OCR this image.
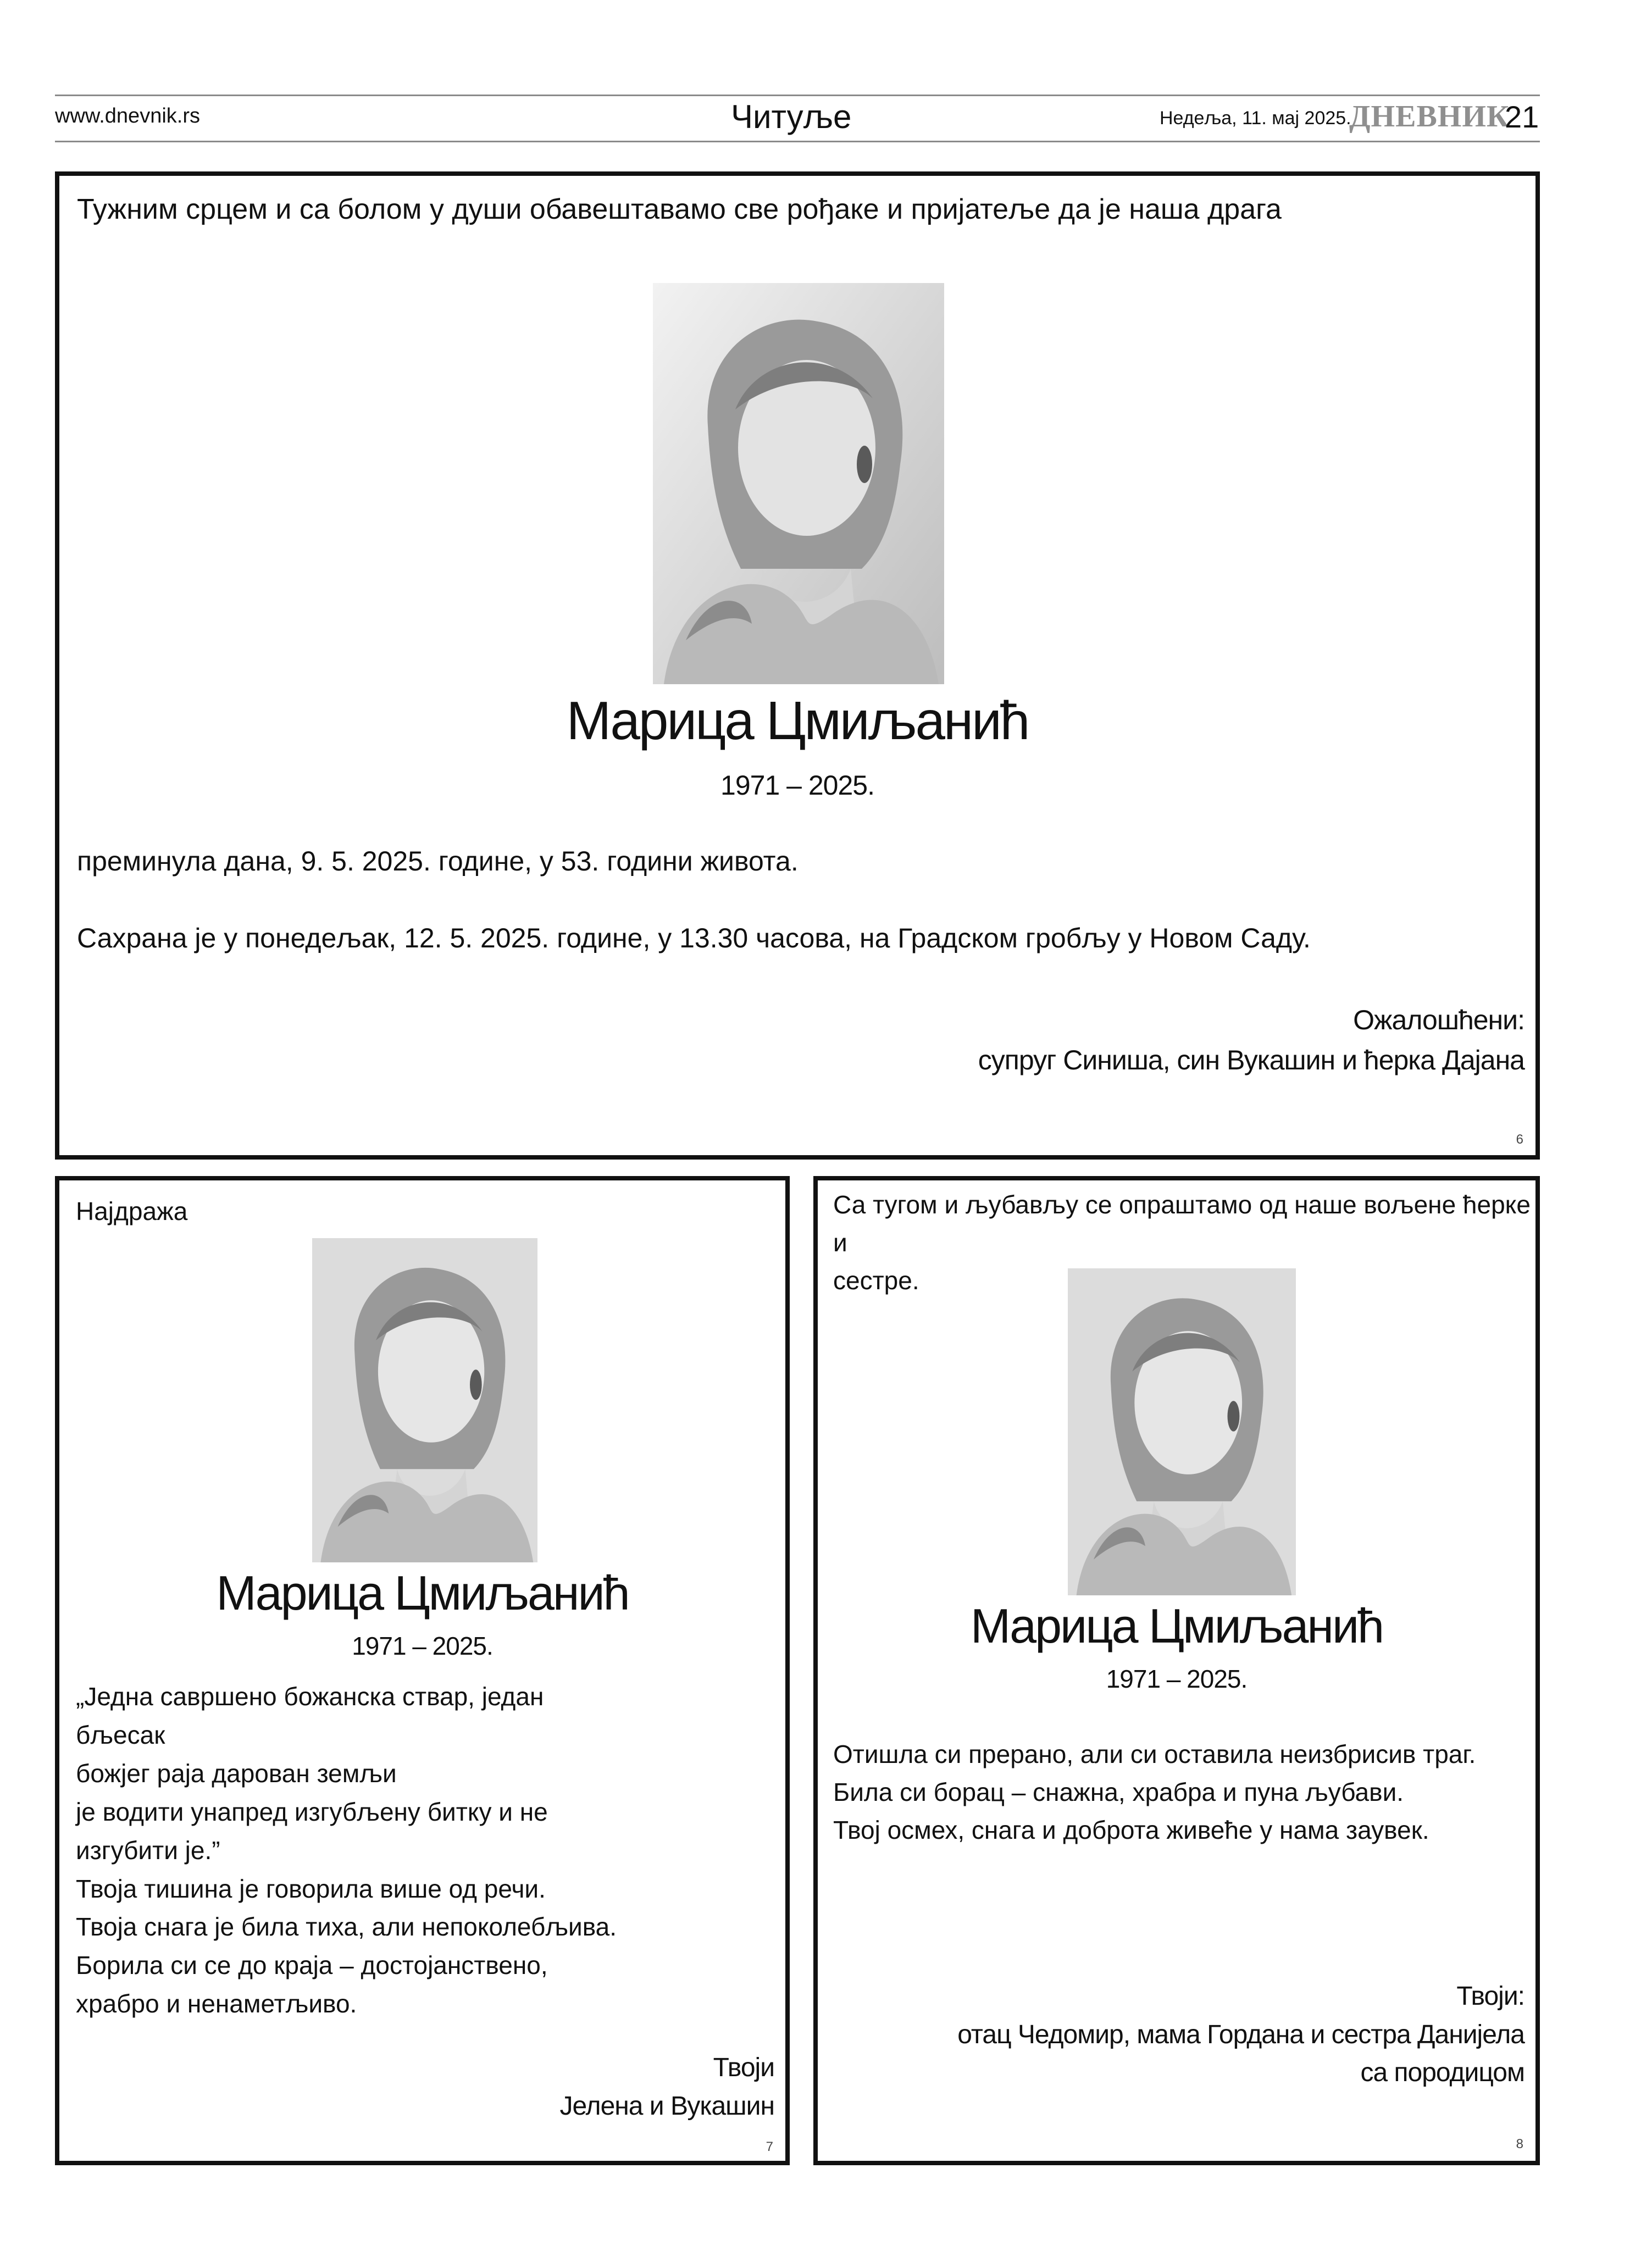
www.dnevnik.rs	Читуље	Недеља, 11. мај 2025.
ДНЕВНИК
21
Тужним срцем и са болом у души обавештавамо све рођаке и пријатеље да је наша драга
Марица Цмиљанић
1971 – 2025.
преминула дана, 9. 5. 2025. године, у 53. години живота.
Сахрана је у понедељак, 12. 5. 2025. године, у 13.30 часова, на Градском гробљу у Новом Саду.
Ожалошћени:
супруг Синиша, син Вукашин и ћерка Дајана
6
Најдража
Марица Цмиљанић
1971 – 2025.
„Једна савршено божанска ствар, један
бљесак
божјег раја дарован земљи
је водити унапред изгубљену битку и не
изгубити је.”
Твоја тишина је говорила више од речи.
Твоја снага је била тиха, али непоколебљива.
Борила си се до краја – достојанствено,
храбро и ненаметљиво.
Твоји
Јелена и Вукашин
7
Са тугом и љубављу се опраштамо од наше вољене ћерке и
сестре.
Марица Цмиљанић
1971 – 2025.
Отишла си прерано, али си оставила неизбрисив траг.
Била си борац – снажна, храбра и пуна љубави.
Твој осмех, снага и доброта живеће у нама заувек.
Твоји:
отац Чедомир, мама Гордана и сестра Данијела
са породицом
8
